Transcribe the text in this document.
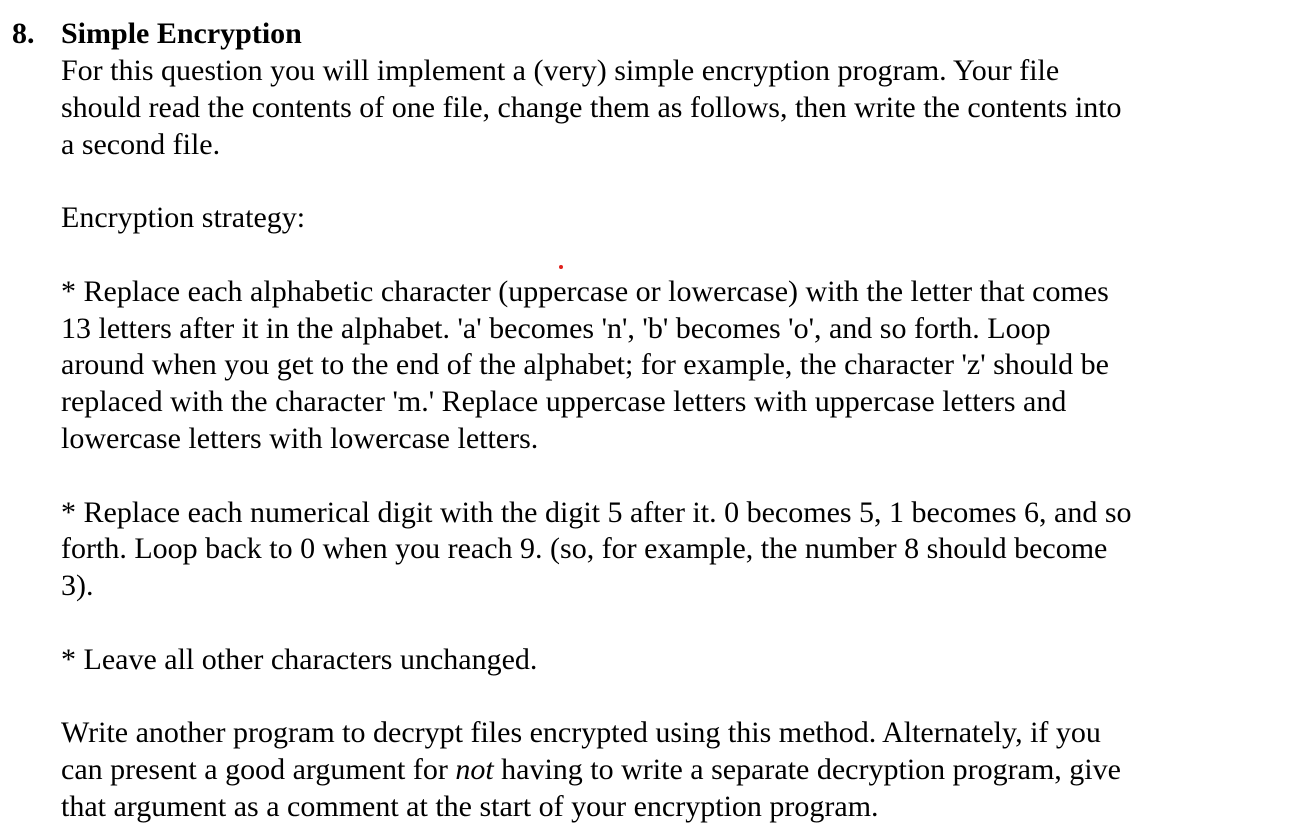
8. Simple Encryption

For this question you will implement a (very) simple encryption program. Your file
should read the contents of one file, change them as follows, then write the contents into
a second file.

Encryption strategy:

* Replace each alphabetic character (uppercase or lowercase) with the letter that comes
13 letters after it in the alphabet. 'a' becomes 'n', 'b' becomes 'o', and so forth. Loop
around when you get to the end of the alphabet; for example, the character 'z' should be
replaced with the character 'm.' Replace uppercase letters with uppercase letters and
lowercase letters with lowercase letters.

* Replace each numerical digit with the digit 5 after it. 0 becomes 5, 1 becomes 6, and so
forth. Loop back to 0 when you reach 9. (so, for example, the number 8 should become
3).

* Leave all other characters unchanged.

Write another program to decrypt files encrypted using this method. Alternately, if you
can present a good argument for not having to write a separate decryption program, give
that argument as a comment at the start of your encryption program.
